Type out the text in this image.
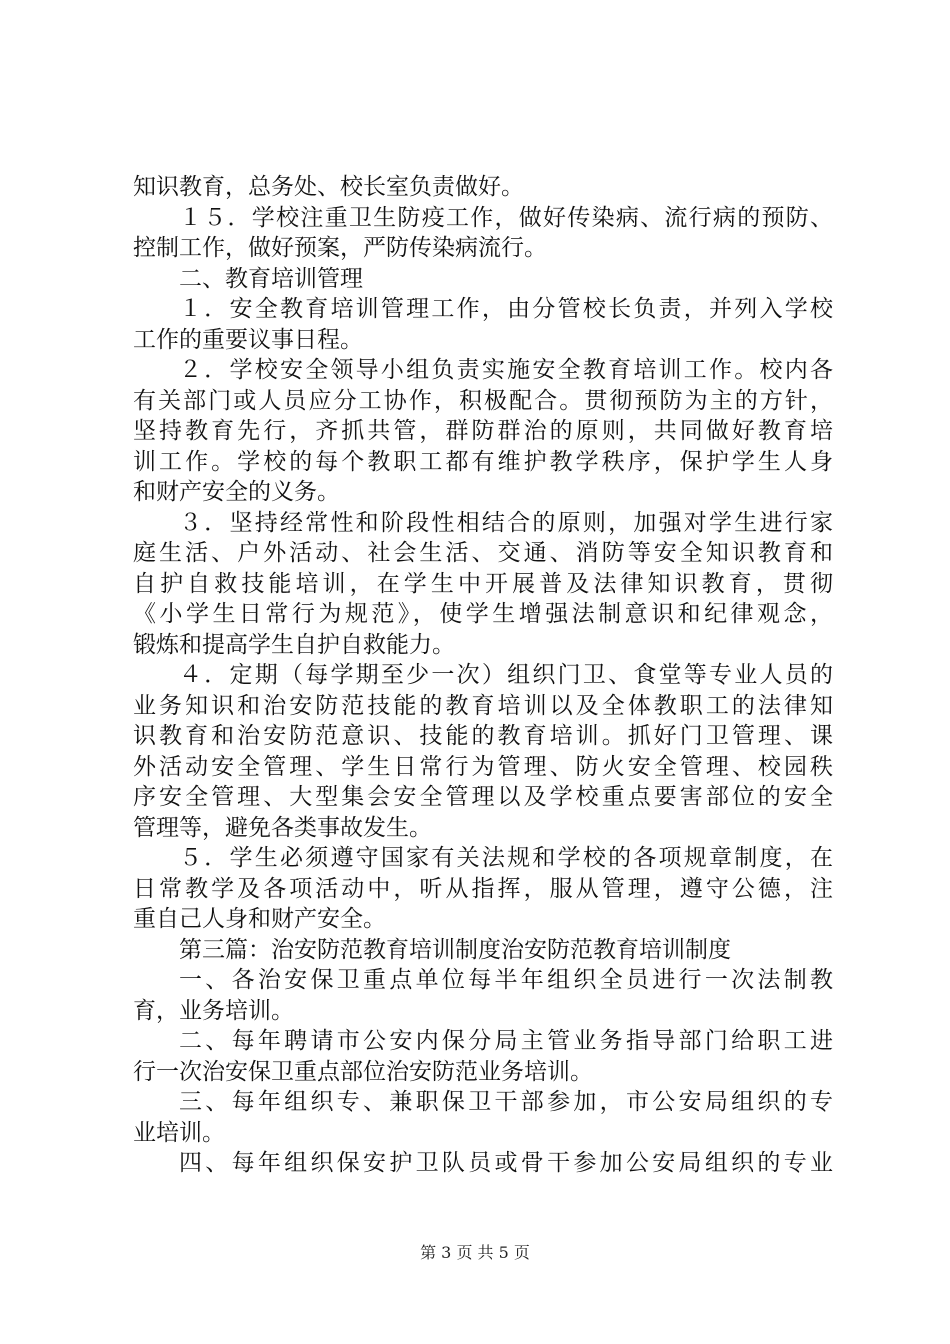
知识教育，总务处、校长室负责做好。
１５．学校注重卫生防疫工作，做好传染病、流行病的预防、
控制工作，做好预案，严防传染病流行。
二、教育培训管理
１．安全教育培训管理工作，由分管校长负责，并列入学校
工作的重要议事日程。
２．学校安全领导小组负责实施安全教育培训工作。校内各
有关部门或人员应分工协作，积极配合。贯彻预防为主的方针，
坚持教育先行，齐抓共管，群防群治的原则，共同做好教育培
训工作。学校的每个教职工都有维护教学秩序，保护学生人身
和财产安全的义务。
３．坚持经常性和阶段性相结合的原则，加强对学生进行家
庭生活、户外活动、社会生活、交通、消防等安全知识教育和
自护自救技能培训，在学生中开展普及法律知识教育，贯彻
《小学生日常行为规范》，使学生增强法制意识和纪律观念，
锻炼和提高学生自护自救能力。
４．定期（每学期至少一次）组织门卫、食堂等专业人员的
业务知识和治安防范技能的教育培训以及全体教职工的法律知
识教育和治安防范意识、技能的教育培训。抓好门卫管理、课
外活动安全管理、学生日常行为管理、防火安全管理、校园秩
序安全管理、大型集会安全管理以及学校重点要害部位的安全
管理等，避免各类事故发生。
５．学生必须遵守国家有关法规和学校的各项规章制度，在
日常教学及各项活动中，听从指挥，服从管理，遵守公德，注
重自己人身和财产安全。
第三篇：治安防范教育培训制度治安防范教育培训制度
一、各治安保卫重点单位每半年组织全员进行一次法制教
育，业务培训。
二、每年聘请市公安内保分局主管业务指导部门给职工进
行一次治安保卫重点部位治安防范业务培训。
三、每年组织专、兼职保卫干部参加，市公安局组织的专
业培训。
四、每年组织保安护卫队员或骨干参加公安局组织的专业
第 3 页 共 5 页
